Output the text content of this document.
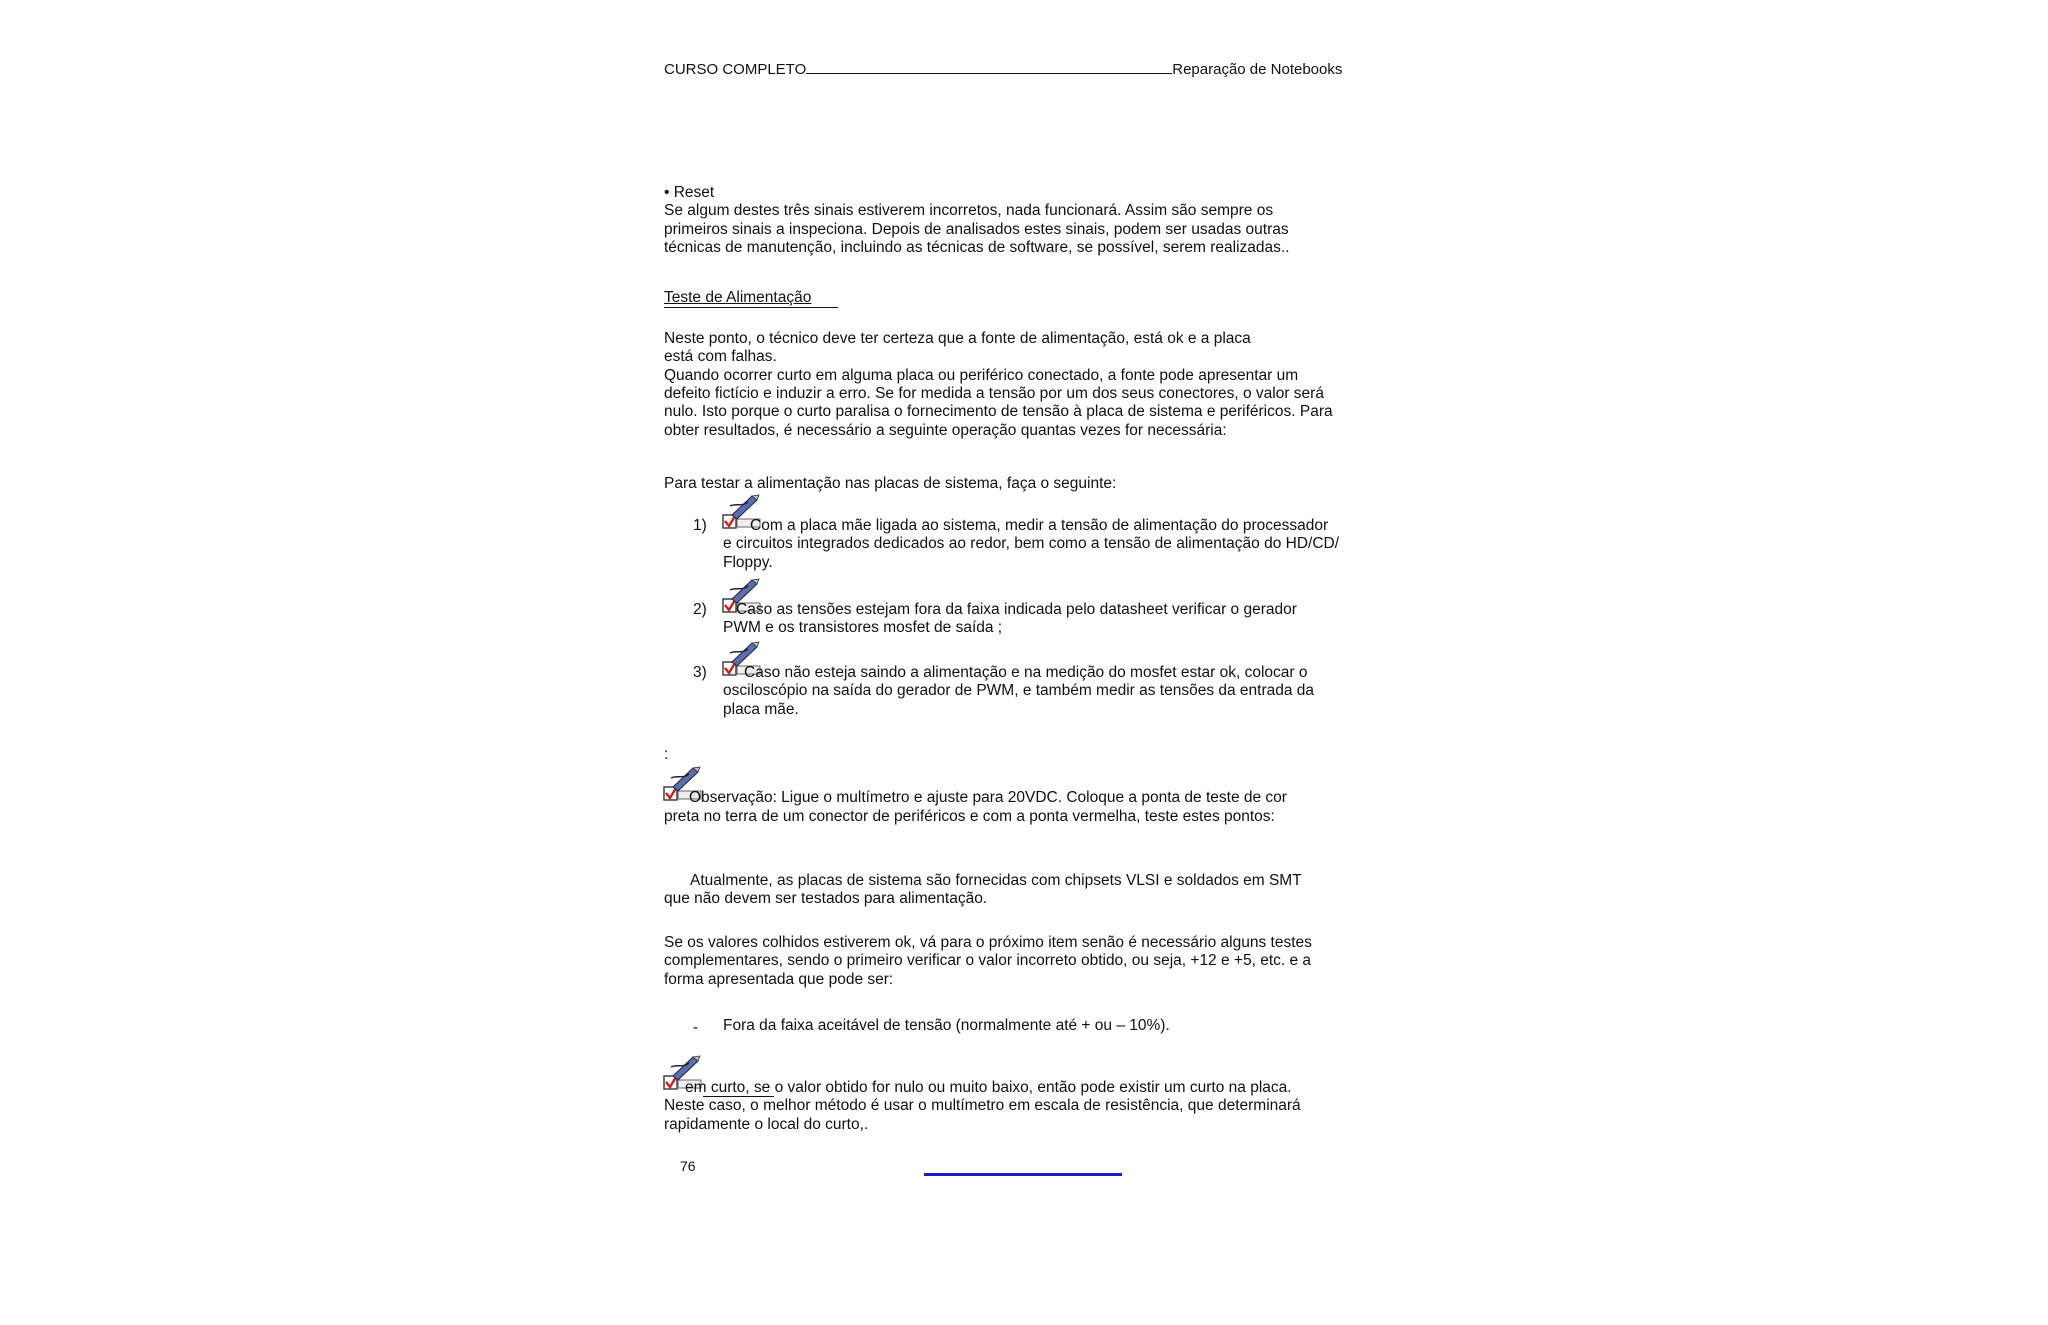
CURSO COMPLETO	Reparação de Notebooks
• Reset
Se algum destes três sinais estiverem incorretos, nada funcionará. Assim são sempre os
primeiros sinais a inspeciona. Depois de analisados estes sinais, podem ser usadas outras
técnicas de manutenção, incluindo as técnicas de software, se possível, serem realizadas..
Teste de Alimentação
Neste ponto, o técnico deve ter certeza que a fonte de alimentação, está ok e a placa
está com falhas.
Quando ocorrer curto em alguma placa ou periférico conectado, a fonte pode apresentar um
defeito fictício e induzir a erro. Se for medida a tensão por um dos seus conectores, o valor será
nulo. Isto porque o curto paralisa o fornecimento de tensão à placa de sistema e periféricos. Para
obter resultados, é necessário a seguinte operação quantas vezes for necessária:
Para testar a alimentação nas placas de sistema, faça o seguinte:
1)	Com a placa mãe ligada ao sistema, medir a tensão de alimentação do processador
e circuitos integrados dedicados ao redor, bem como a tensão de alimentação do HD/CD/
Floppy.
2) Caso as tensões estejam fora da faixa indicada pelo datasheet verificar o gerador
PWM e os transistores mosfet de saída ;
3) Caso não esteja saindo a alimentação e na medição do mosfet estar ok, colocar o
osciloscópio na saída do gerador de PWM, e também medir as tensões da entrada da
placa mãe.
:
Observação: Ligue o multímetro e ajuste para 20VDC. Coloque a ponta de teste de cor
preta no terra de um conector de periféricos e com a ponta vermelha, teste estes pontos:
Atualmente, as placas de sistema são fornecidas com chipsets VLSI e soldados em SMT
que não devem ser testados para alimentação.
Se os valores colhidos estiverem ok, vá para o próximo item senão é necessário alguns testes
complementares, sendo o primeiro verificar o valor incorreto obtido, ou seja, +12 e +5, etc. e a
forma apresentada que pode ser:
- Fora da faixa aceitável de tensão (normalmente até + ou – 10%).
em curto, se o valor obtido for nulo ou muito baixo, então pode existir um curto na placa.
Neste caso, o melhor método é usar o multímetro em escala de resistência, que determinará
rapidamente o local do curto,.
76
